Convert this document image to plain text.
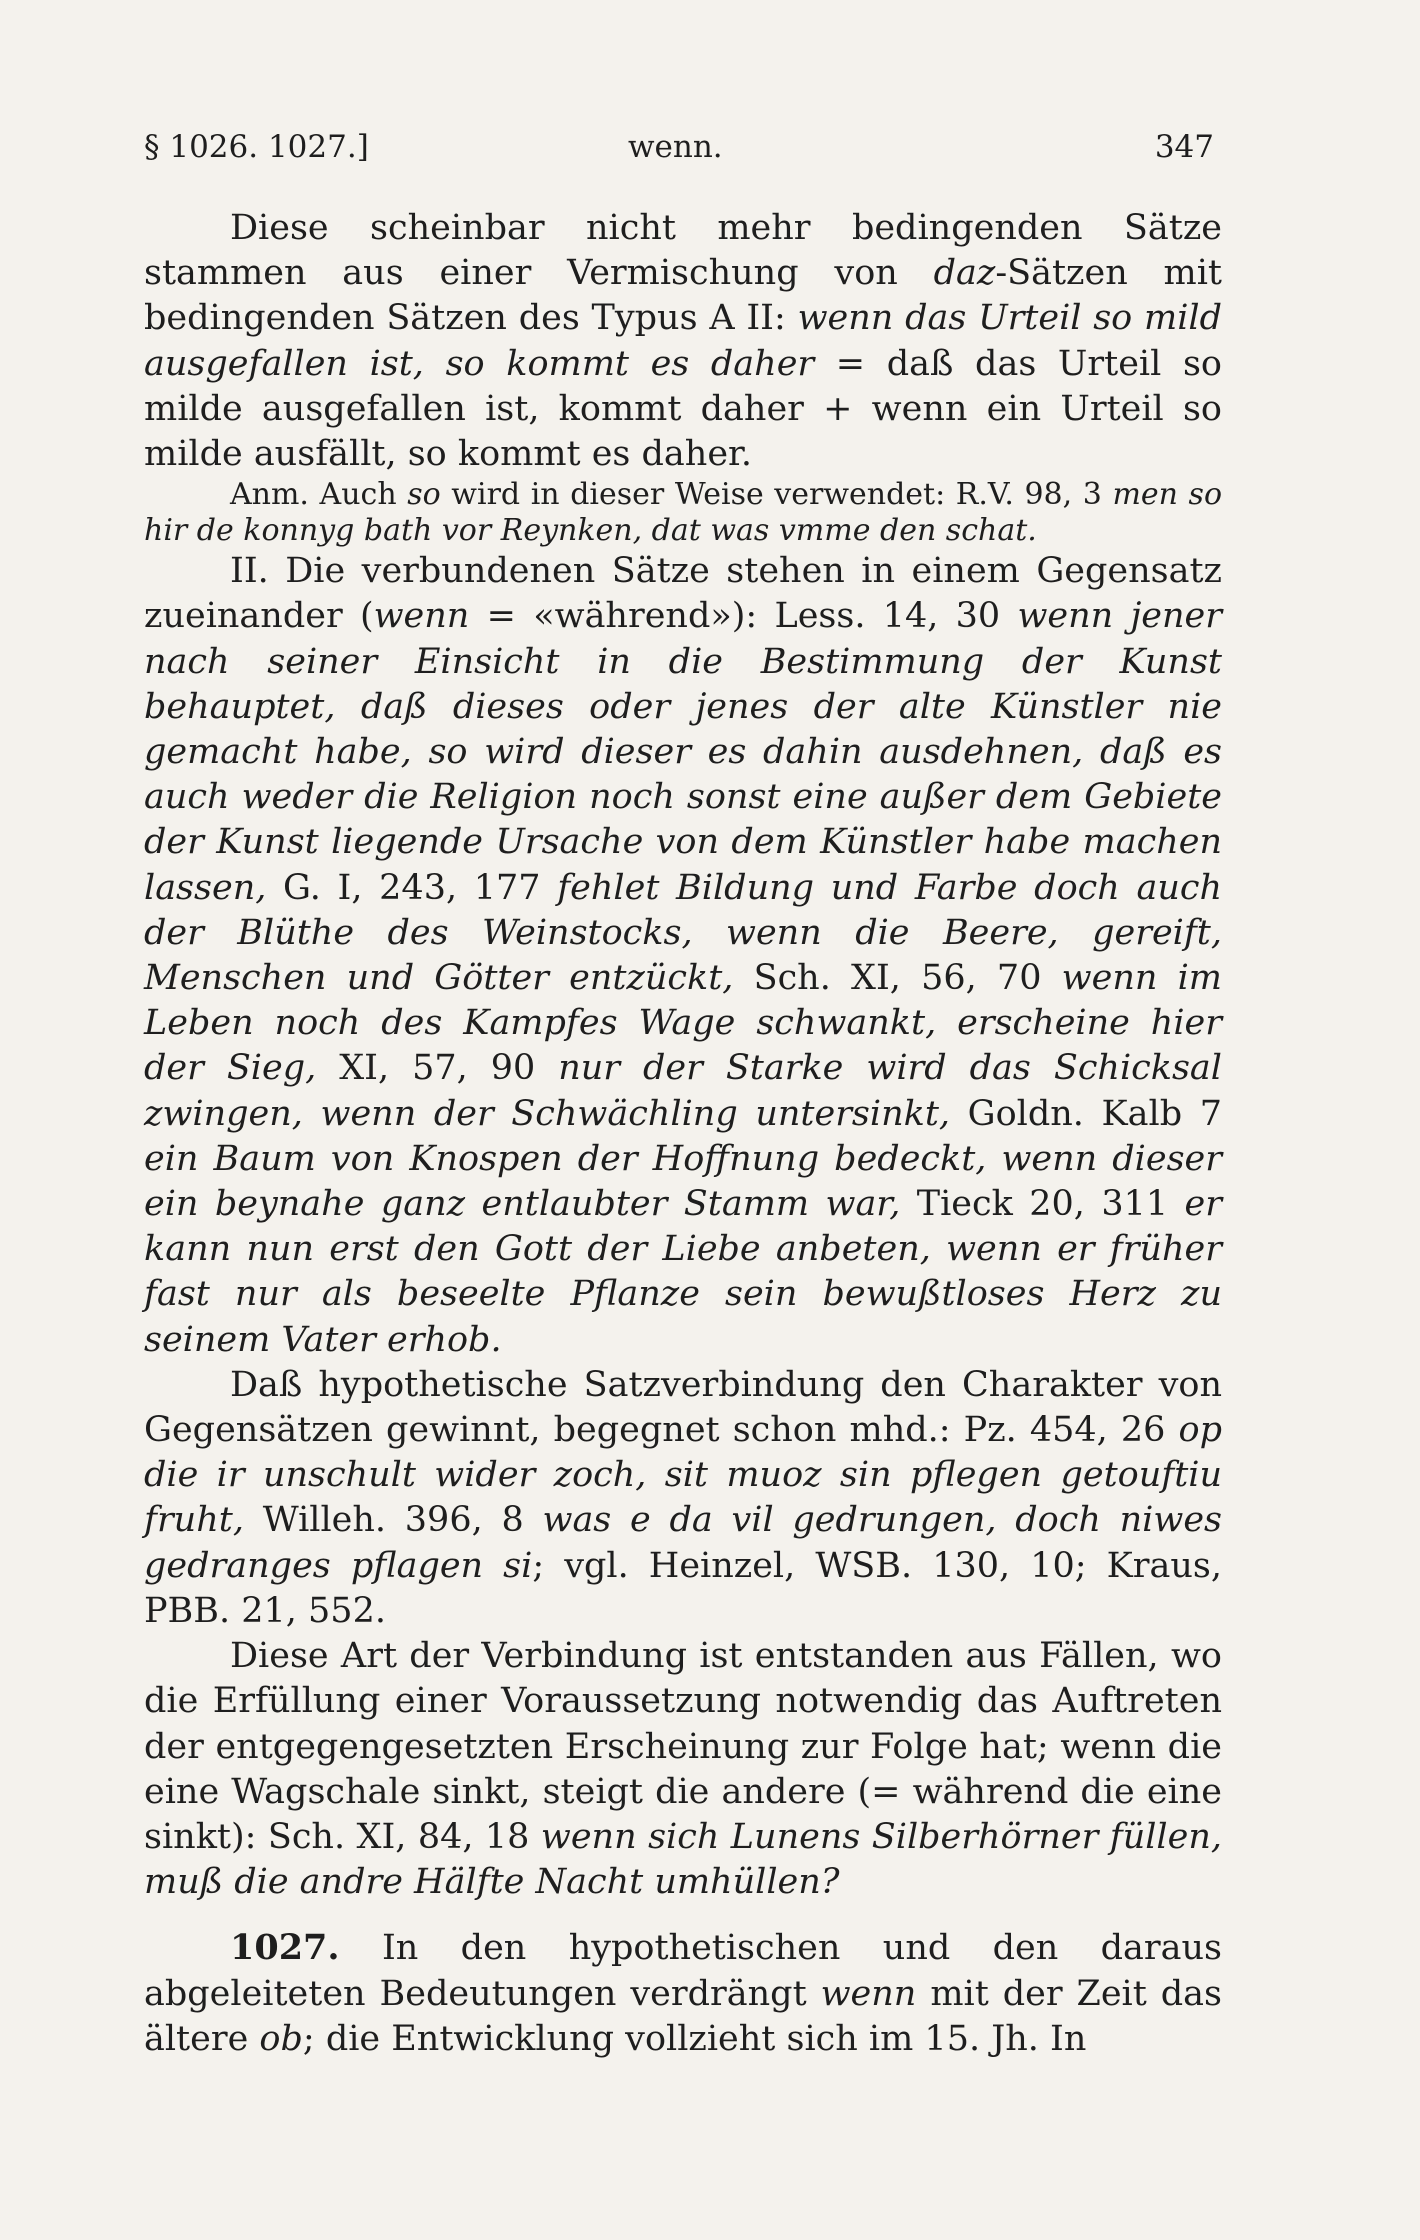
§ 1026. 1027.]	wenn.	347

Diese scheinbar nicht mehr bedingenden Sätze stammen aus einer Vermischung von daz-Sätzen mit bedingenden Sätzen des Typus A II: wenn das Urteil so mild ausgefallen ist, so kommt es daher = daß das Urteil so milde ausgefallen ist, kommt daher + wenn ein Urteil so milde ausfällt, so kommt es daher.

Anm. Auch so wird in dieser Weise verwendet: R.V. 98, 3 men so hir de konnyg bath vor Reynken, dat was vmme den schat.

II. Die verbundenen Sätze stehen in einem Gegensatz zueinander (wenn = «während»): Less. 14, 30 wenn jener nach seiner Einsicht in die Bestimmung der Kunst behauptet, daß dieses oder jenes der alte Künstler nie gemacht habe, so wird dieser es dahin ausdehnen, daß es auch weder die Religion noch sonst eine außer dem Gebiete der Kunst liegende Ursache von dem Künstler habe machen lassen, G. I, 243, 177 fehlet Bildung und Farbe doch auch der Blüthe des Weinstocks, wenn die Beere, gereift, Menschen und Götter entzückt, Sch. XI, 56, 70 wenn im Leben noch des Kampfes Wage schwankt, erscheine hier der Sieg, XI, 57, 90 nur der Starke wird das Schicksal zwingen, wenn der Schwächling untersinkt, Goldn. Kalb 7 ein Baum von Knospen der Hoffnung bedeckt, wenn dieser ein beynahe ganz entlaubter Stamm war, Tieck 20, 311 er kann nun erst den Gott der Liebe anbeten, wenn er früher fast nur als beseelte Pflanze sein bewußtloses Herz zu seinem Vater erhob.

Daß hypothetische Satzverbindung den Charakter von Gegensätzen gewinnt, begegnet schon mhd.: Pz. 454, 26 op die ir unschult wider zoch, sit muoz sin pflegen getouftiu fruht, Willeh. 396, 8 was e da vil gedrungen, doch niwes gedranges pflagen si; vgl. Heinzel, WSB. 130, 10; Kraus, PBB. 21, 552.

Diese Art der Verbindung ist entstanden aus Fällen, wo die Erfüllung einer Voraussetzung notwendig das Auftreten der entgegengesetzten Erscheinung zur Folge hat; wenn die eine Wagschale sinkt, steigt die andere (= während die eine sinkt): Sch. XI, 84, 18 wenn sich Lunens Silberhörner füllen, muß die andre Hälfte Nacht umhüllen?

1027. In den hypothetischen und den daraus abgeleiteten Bedeutungen verdrängt wenn mit der Zeit das ältere ob; die Entwicklung vollzieht sich im 15. Jh. In
